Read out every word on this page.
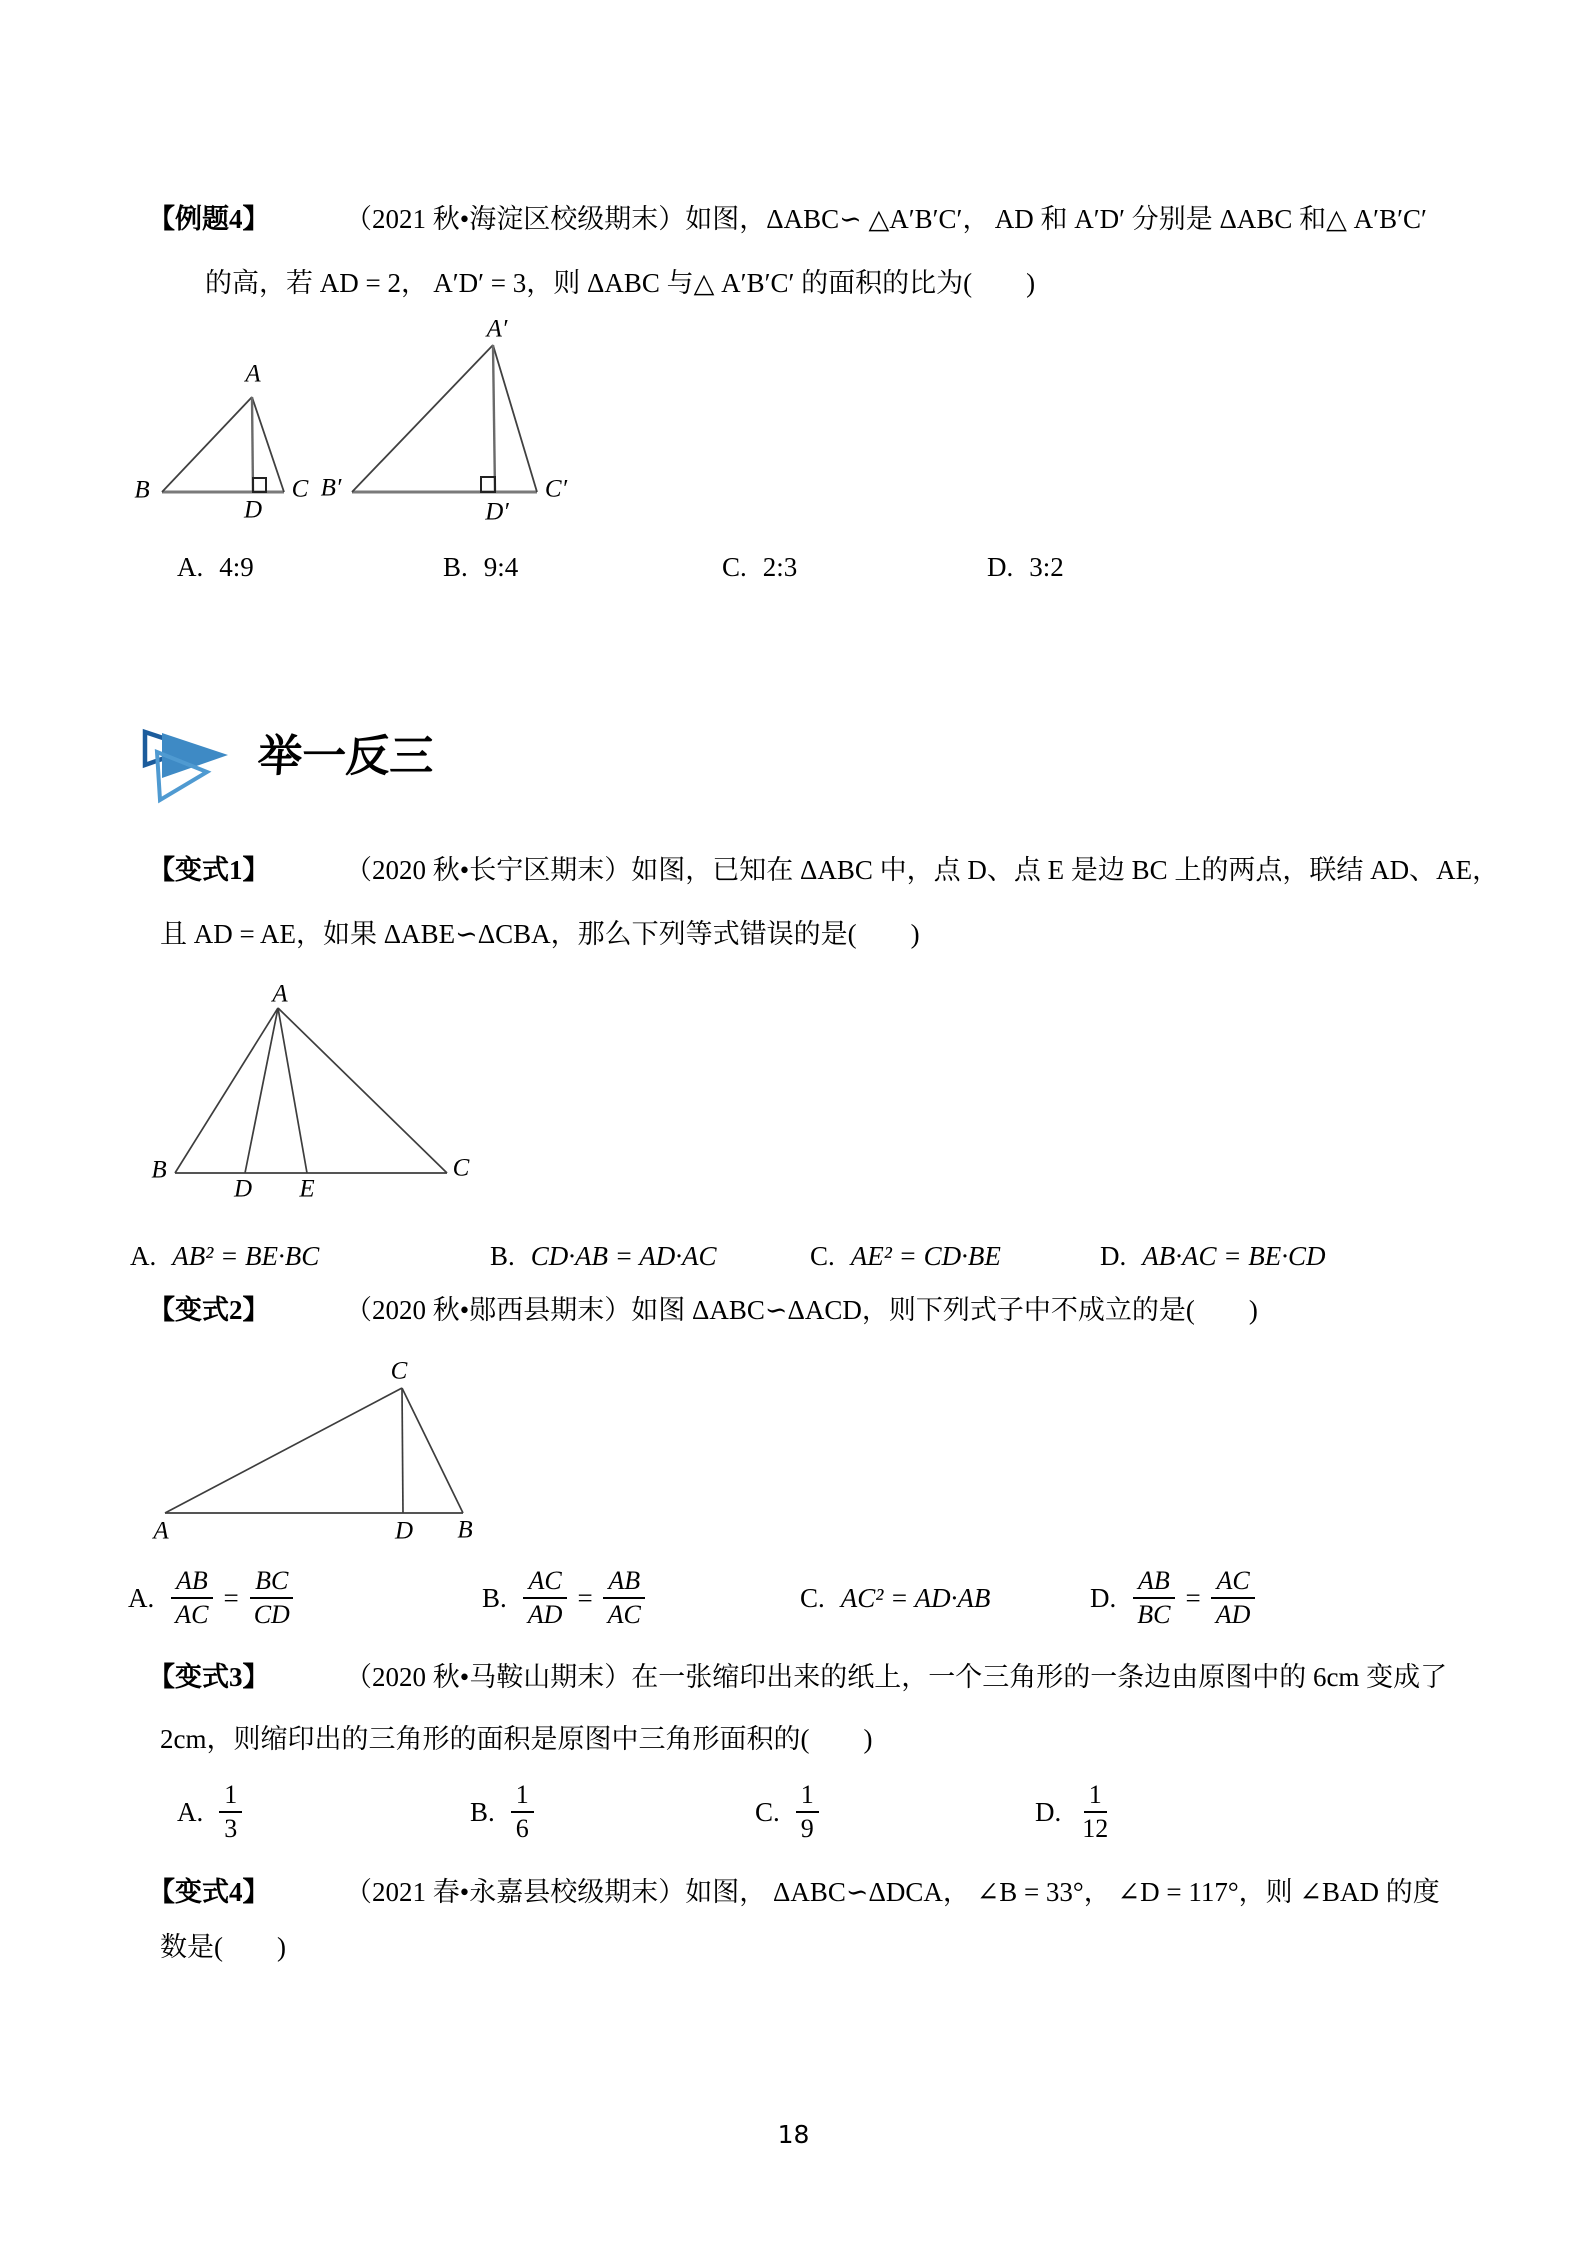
【例题4】	（2021 秋•海淀区校级期末）如图，ΔABC∽ △A′B′C′， AD 和 A′D′ 分别是 ΔABC 和△ A′B′C′
的高，若 AD = 2， A′D′ = 3，则 ΔABC 与△ A′B′C′ 的面积的比为(　　)
A
B	C
D
A′
B′	C′
D′
A. 4:9	B. 9:4	C. 2:3	D. 3:2
举一反三
【变式1】	（2020 秋•长宁区期末）如图，已知在 ΔABC 中，点 D、点 E 是边 BC 上的两点，联结 AD、AE，
且 AD = AE，如果 ΔABE∽ΔCBA，那么下列等式错误的是(　　)
A
B	C
D E
A. AB² = BE·BC	B. CD·AB = AD·AC	C. AE² = CD·BE	D. AB·AC = BE·CD
【变式2】	（2020 秋•郧西县期末）如图 ΔABC∽ΔACD，则下列式子中不成立的是(　　)
A	B
C
D
A. $\frac{AB}{AC} = \frac{BC}{CD}$	B. $\frac{AC}{AD} = \frac{AB}{AC}$	C. AC² = AD·AB	D. $\frac{AB}{BC} = \frac{AC}{AD}$
【变式3】	（2020 秋•马鞍山期末）在一张缩印出来的纸上，一个三角形的一条边由原图中的 6cm 变成了
2cm，则缩印出的三角形的面积是原图中三角形面积的(　　)
A. $\frac{1}{3}$	B. $\frac{1}{6}$	C. $\frac{1}{9}$	D. $\frac{1}{12}$
【变式4】	（2021 春•永嘉县校级期末）如图， ΔABC∽ΔDCA， ∠B = 33°， ∠D = 117°，则 ∠BAD 的度
数是(　　)
18
